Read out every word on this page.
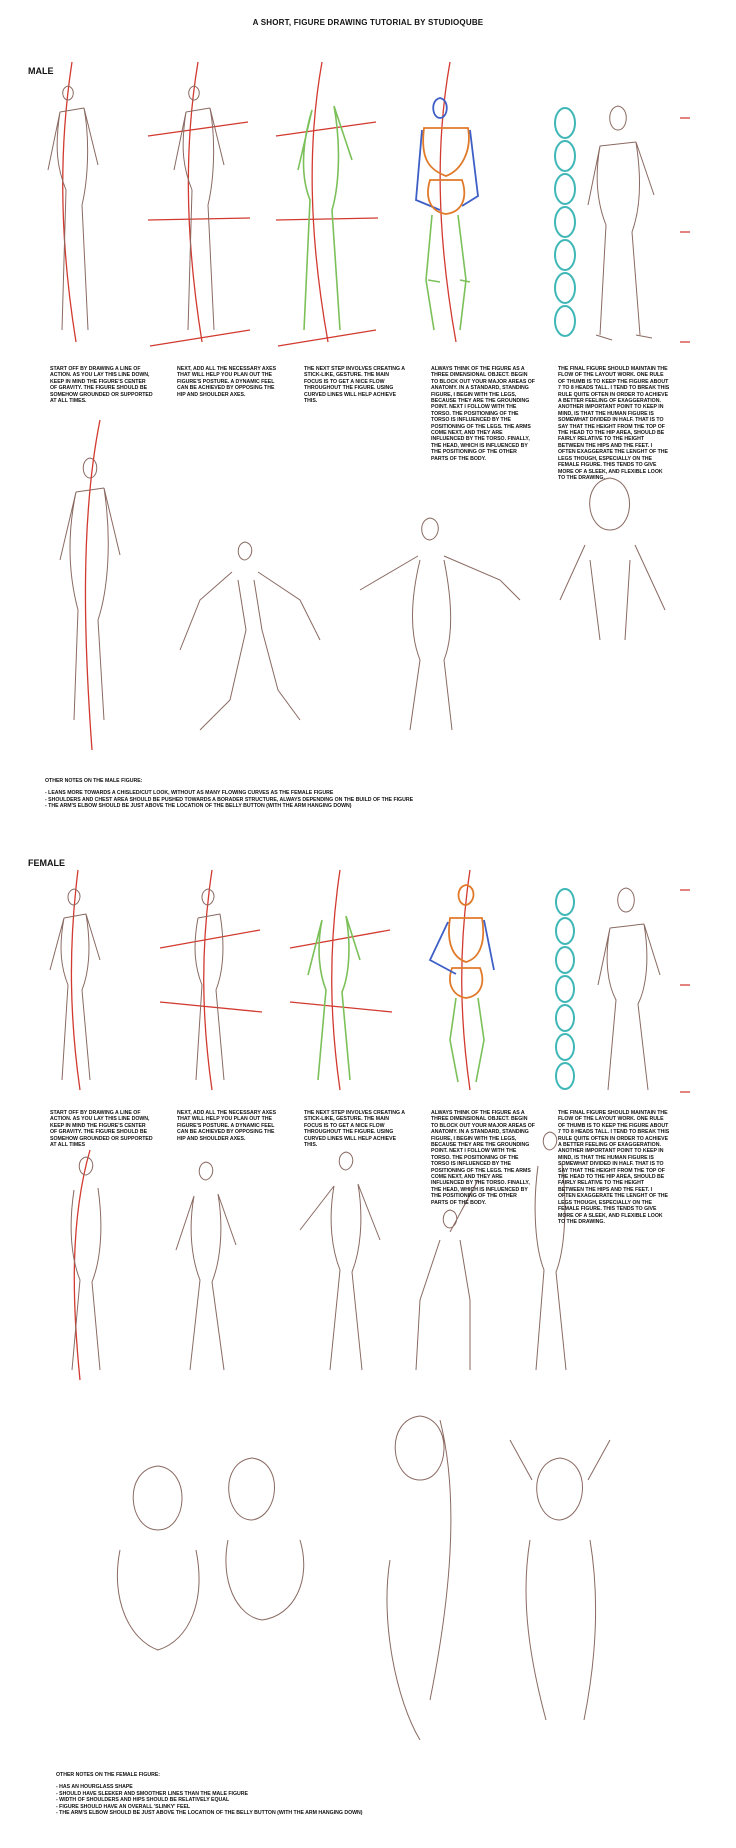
A SHORT, FIGURE DRAWING TUTORIAL BY STUDIOQUBE
MALE
START OFF BY DRAWING A LINE OF ACTION. AS YOU LAY THIS LINE DOWN, KEEP IN MIND THE FIGURE'S CENTER OF GRAVITY. THE FIGURE SHOULD BE SOMEHOW GROUNDED OR SUPPORTED AT ALL TIMES.
NEXT, ADD ALL THE NECESSARY AXES THAT WILL HELP YOU PLAN OUT THE FIGURE'S POSTURE. A DYNAMIC FEEL CAN BE ACHIEVED BY OPPOSING THE HIP AND SHOULDER AXES.
THE NEXT STEP INVOLVES CREATING A STICK-LIKE, GESTURE. THE MAIN FOCUS IS TO GET A NICE FLOW THROUGHOUT THE FIGURE. USING CURVED LINES WILL HELP ACHIEVE THIS.
ALWAYS THINK OF THE FIGURE AS A THREE DIMENSIONAL OBJECT. BEGIN TO BLOCK OUT YOUR MAJOR AREAS OF ANATOMY. IN A STANDARD, STANDING FIGURE, I BEGIN WITH THE LEGS, BECAUSE THEY ARE THE GROUNDING POINT. NEXT I FOLLOW WITH THE TORSO. THE POSITIONING OF THE TORSO IS INFLUENCED BY THE POSITIONING OF THE LEGS. THE ARMS COME NEXT, AND THEY ARE INFLUENCED BY THE TORSO. FINALLY, THE HEAD, WHICH IS INFLUENCED BY THE POSITIONING OF THE OTHER PARTS OF THE BODY.
THE FINAL FIGURE SHOULD MAINTAIN THE FLOW OF THE LAYOUT WORK. ONE RULE OF THUMB IS TO KEEP THE FIGURE ABOUT 7 TO 8 HEADS TALL. I TEND TO BREAK THIS RULE QUITE OFTEN IN ORDER TO ACHIEVE A BETTER FEELING OF EXAGGERATION. ANOTHER IMPORTANT POINT TO KEEP IN MIND, IS THAT THE HUMAN FIGURE IS SOMEWHAT DIVIDED IN HALF. THAT IS TO SAY THAT THE HEIGHT FROM THE TOP OF THE HEAD TO THE HIP AREA, SHOULD BE FAIRLY RELATIVE TO THE HEIGHT BETWEEN THE HIPS AND THE FEET. I OFTEN EXAGGERATE THE LENGHT OF THE LEGS THOUGH, ESPECIALLY ON THE FEMALE FIGURE. THIS TENDS TO GIVE MORE OF A SLEEK, AND FLEXIBLE LOOK TO THE DRAWING.
OTHER NOTES ON THE MALE FIGURE:
- LEANS MORE TOWARDS A CHISLED/CUT LOOK, WITHOUT AS MANY FLOWING CURVES AS THE FEMALE FIGURE
- SHOULDERS AND CHEST AREA SHOULD BE PUSHED TOWARDS A BORADER STRUCTURE, ALWAYS DEPENDING ON THE BUILD OF THE FIGURE
- THE ARM'S ELBOW SHOULD BE JUST ABOVE THE LOCATION OF THE BELLY BUTTON (WITH THE ARM HANGING DOWN)
FEMALE
START OFF BY DRAWING A LINE OF ACTION. AS YOU LAY THIS LINE DOWN, KEEP IN MIND THE FIGURE'S CENTER OF GRAVITY. THE FIGURE SHOULD BE SOMEHOW GROUNDED OR SUPPORTED AT ALL TIMES
NEXT, ADD ALL THE NECESSARY AXES THAT WILL HELP YOU PLAN OUT THE FIGURE'S POSTURE. A DYNAMIC FEEL CAN BE ACHIEVED BY OPPOSING THE HIP AND SHOULDER AXES.
THE NEXT STEP INVOLVES CREATING A STICK-LIKE, GESTURE. THE MAIN FOCUS IS TO GET A NICE FLOW THROUGHOUT THE FIGURE. USING CURVED LINES WILL HELP ACHIEVE THIS.
ALWAYS THINK OF THE FIGURE AS A THREE DIMENSIONAL OBJECT. BEGIN TO BLOCK OUT YOUR MAJOR AREAS OF ANATOMY. IN A STANDARD, STANDING FIGURE, I BEGIN WITH THE LEGS, BECAUSE THEY ARE THE GROUNDING POINT. NEXT I FOLLOW WITH THE TORSO. THE POSITIONING OF THE TORSO IS INFLUENCED BY THE POSITIONING OF THE LEGS. THE ARMS COME NEXT, AND THEY ARE INFLUENCED BY THE TORSO. FINALLY, THE HEAD, WHICH IS INFLUENCED BY THE POSITIONING OF THE OTHER PARTS OF THE BODY.
THE FINAL FIGURE SHOULD MAINTAIN THE FLOW OF THE LAYOUT WORK. ONE RULE OF THUMB IS TO KEEP THE FIGURE ABOUT 7 TO 8 HEADS TALL. I TEND TO BREAK THIS RULE QUITE OFTEN IN ORDER TO ACHIEVE A BETTER FEELING OF EXAGGERATION. ANOTHER IMPORTANT POINT TO KEEP IN MIND, IS THAT THE HUMAN FIGURE IS SOMEWHAT DIVIDED IN HALF. THAT IS TO SAY THAT THE HEIGHT FROM THE TOP OF THE HEAD TO THE HIP AREA, SHOULD BE FAIRLY RELATIVE TO THE HEIGHT BETWEEN THE HIPS AND THE FEET. I OFTEN EXAGGERATE THE LENGHT OF THE LEGS THOUGH, ESPECIALLY ON THE FEMALE FIGURE. THIS TENDS TO GIVE MORE OF A SLEEK, AND FLEXIBLE LOOK TO THE DRAWING.
OTHER NOTES ON THE FEMALE FIGURE:
- HAS AN HOURGLASS SHAPE
- SHOULD HAVE SLEEKER AND SMOOTHER LINES THAN THE MALE FIGURE
- WIDTH OF SHOULDERS AND HIPS SHOULD BE RELATIVELY EQUAL
- FIGURE SHOULD HAVE AN OVERALL 'SLINKY' FEEL
- THE ARM'S ELBOW SHOULD BE JUST ABOVE THE LOCATION OF THE BELLY BUTTON (WITH THE ARM HANGING DOWN)
